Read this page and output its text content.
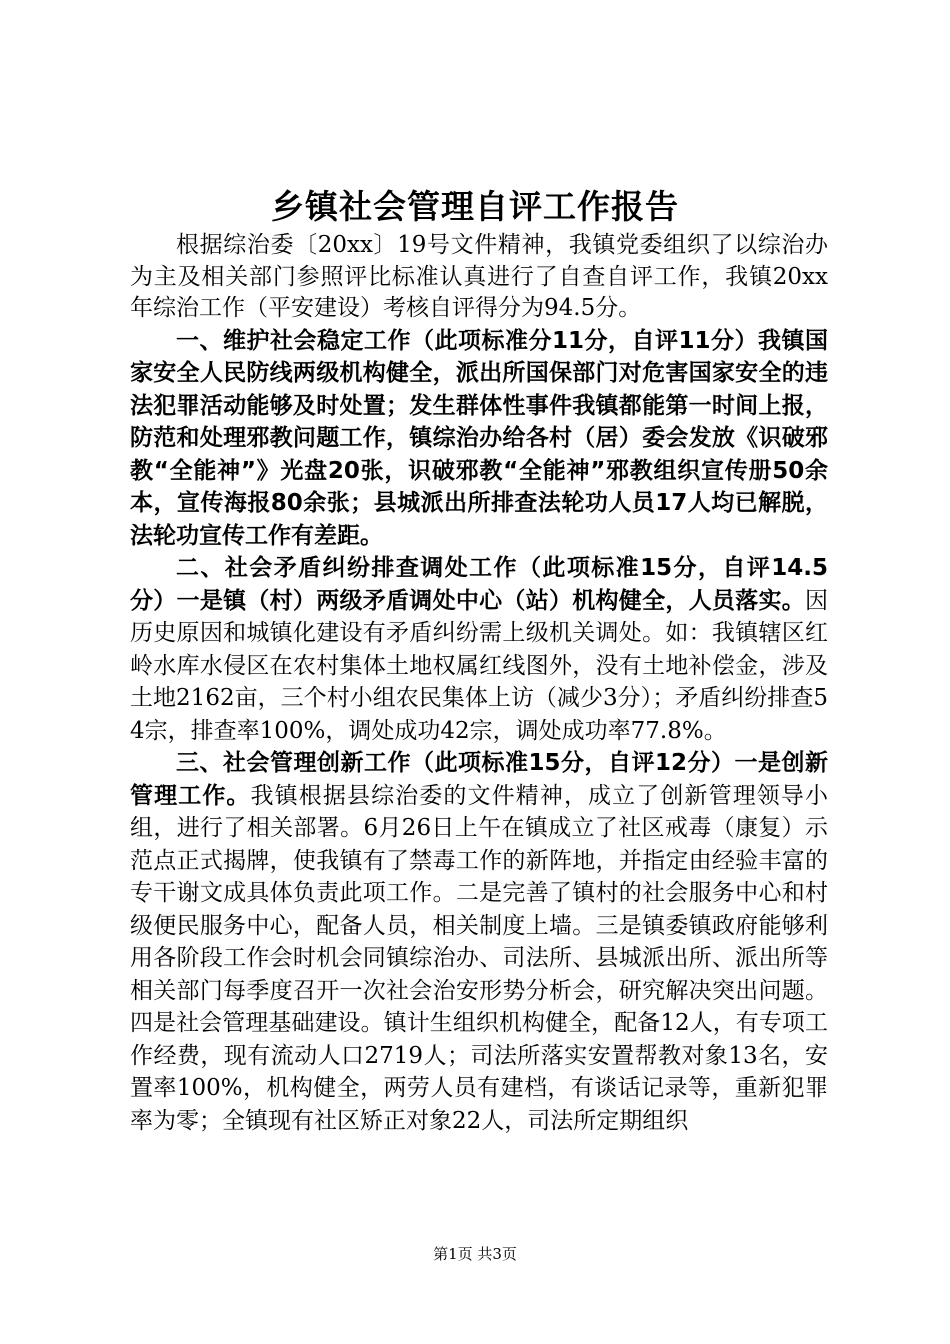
乡镇社会管理自评工作报告

根据综治委〔20xx〕19号文件精神，我镇党委组织了以综治办为主及相关部门参照评比标准认真进行了自查自评工作，我镇20xx年综治工作（平安建设）考核自评得分为94.5分。

一、维护社会稳定工作（此项标准分11分，自评11分）我镇国家安全人民防线两级机构健全，派出所国保部门对危害国家安全的违法犯罪活动能够及时处置；发生群体性事件我镇都能第一时间上报，防范和处理邪教问题工作，镇综治办给各村（居）委会发放《识破邪教“全能神”》光盘20张，识破邪教“全能神”邪教组织宣传册50余本，宣传海报80余张；县城派出所排查法轮功人员17人均已解脱，法轮功宣传工作有差距。

二、社会矛盾纠纷排查调处工作（此项标准15分，自评14.5分）一是镇（村）两级矛盾调处中心（站）机构健全，人员落实。因历史原因和城镇化建设有矛盾纠纷需上级机关调处。如：我镇辖区红岭水库水侵区在农村集体土地权属红线图外，没有土地补偿金，涉及土地2162亩，三个村小组农民集体上访（减少3分）；矛盾纠纷排查54宗，排查率100%，调处成功42宗，调处成功率77.8%。

三、社会管理创新工作（此项标准15分，自评12分）一是创新管理工作。我镇根据县综治委的文件精神，成立了创新管理领导小组，进行了相关部署。6月26日上午在镇成立了社区戒毒（康复）示范点正式揭牌，使我镇有了禁毒工作的新阵地，并指定由经验丰富的专干谢文成具体负责此项工作。二是完善了镇村的社会服务中心和村级便民服务中心，配备人员，相关制度上墙。三是镇委镇政府能够利用各阶段工作会时机会同镇综治办、司法所、县城派出所、派出所等相关部门每季度召开一次社会治安形势分析会，研究解决突出问题。四是社会管理基础建设。镇计生组织机构健全，配备12人，有专项工作经费，现有流动人口2719人；司法所落实安置帮教对象13名，安置率100%，机构健全，两劳人员有建档，有谈话记录等，重新犯罪率为零；全镇现有社区矫正对象22人，司法所定期组织

第1页 共3页
